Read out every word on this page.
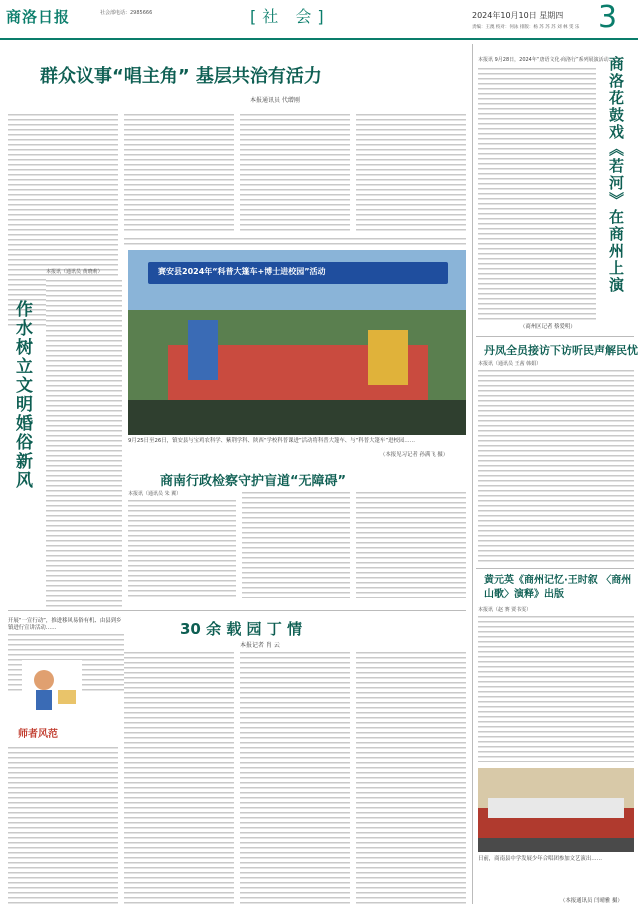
商洛日报	社会部电话：2985666	[社 会]	2024年10月10日 星期四 3
责编：王澳 校对：何泳 排版：杨 苏 苏 苏 刘 林 雯 乐
群众议事“唱主角” 基层共治有活力
本报通讯员 代缯刚
作水树立文明婚俗新风
本报讯（通讯员 黄晓莉）
开展“一宣行动”，推进移风易俗有机、由县到乡镇进行宣讲活动……
赛安县2024年“科普大篷车+博士进校园”活动
9月25日至26日，镇安县与宝鸡农科学、紫荆学科、陕西“学校科普课进”活动将科普大篷车、与“科普大篷车”进校园……
（本报见习记者 孙满飞 摄）
商南行政检察守护盲道“无障碍”
本报讯（通讯员 朱 翼）
30 余 载 园 丁 情
本报记者 肖 云
师者风范
本报讯 9月28日，2024年“唐语文化·商洛行”系列展演活动……
商洛花鼓戏《若河》在商州上演
（商州区记者 蔡爱明）
丹凤全员接访下访听民声解民忧
本报讯（通讯员 王茜 韩娟）
黄元英《商州记忆·王时叙 〈商州山歌〉演释》出版
本报讯（赵 赛 贾书雯）
日前，商南县中学发展少年合唱团参加文艺演出……
（本报通讯员 闫晴雅 摄）
